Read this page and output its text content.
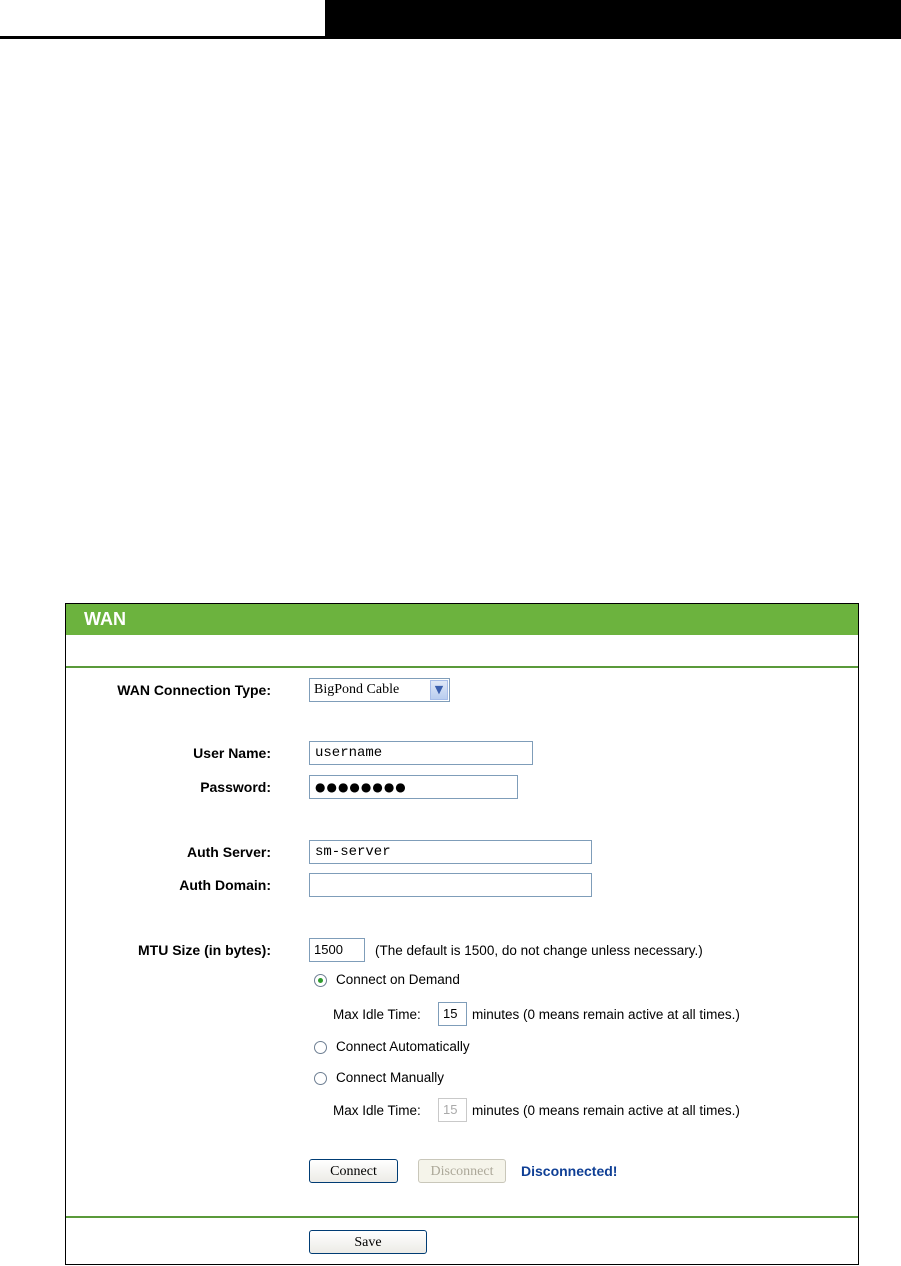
WAN
WAN Connection Type:	BigPond Cable	▼
User Name:	username
Password:	●●●●●●●●
Auth Server:	sm-server
Auth Domain:
MTU Size (in bytes):	1500	(The default is 1500, do not change unless necessary.)
Connect on Demand
Max Idle Time:	15	minutes (0 means remain active at all times.)
Connect Automatically
Connect Manually
Max Idle Time:	15	minutes (0 means remain active at all times.)
Connect	Disconnect	Disconnected!
Save
